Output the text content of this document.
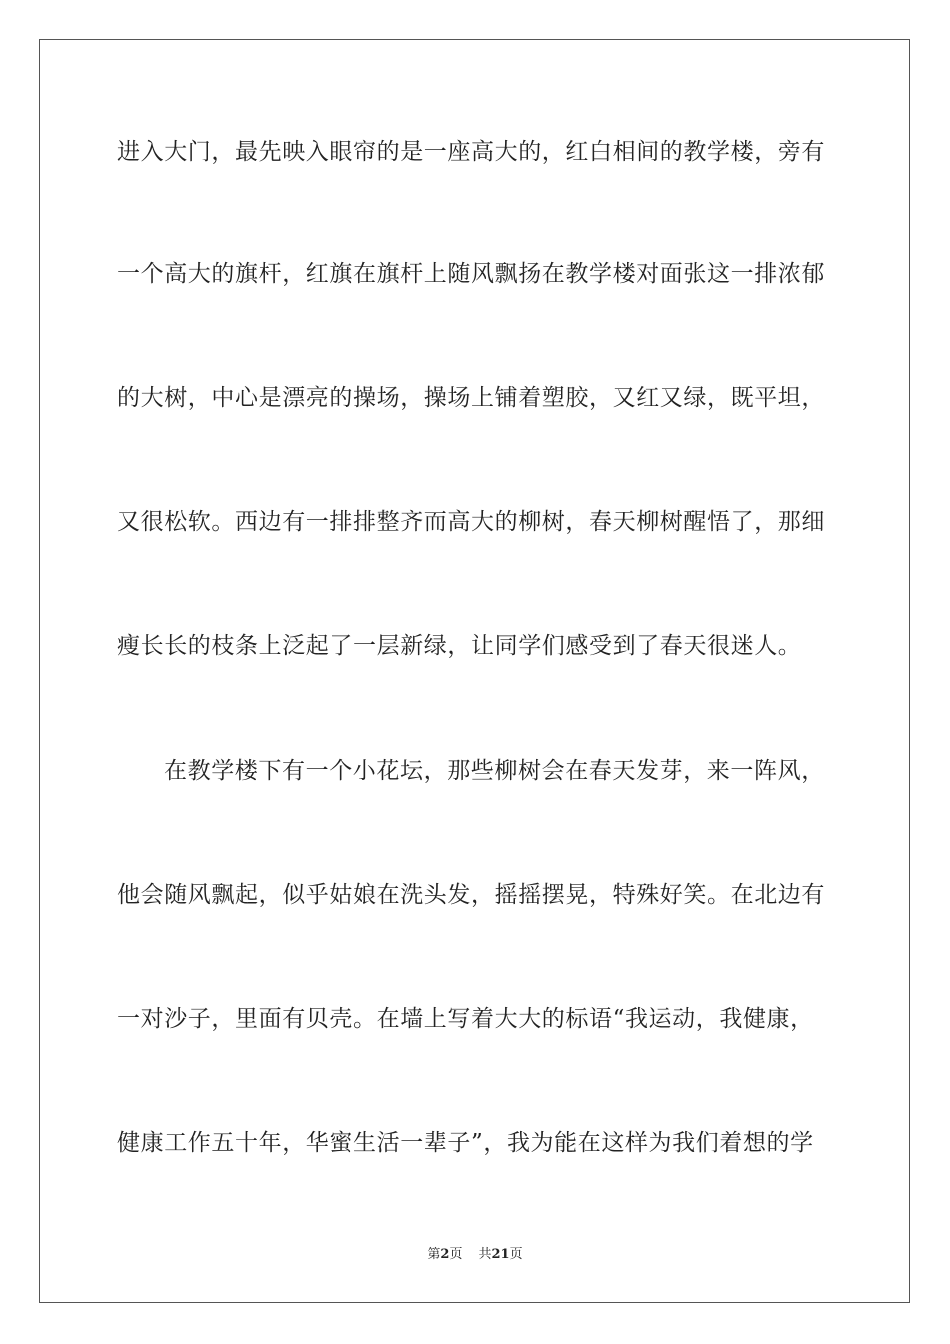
进入大门，最先映入眼帘的是一座高大的，红白相间的教学楼，旁有
一个高大的旗杆，红旗在旗杆上随风飘扬在教学楼对面张这一排浓郁
的大树，中心是漂亮的操场，操场上铺着塑胶，又红又绿，既平坦，
又很松软。西边有一排排整齐而高大的柳树，春天柳树醒悟了，那细
瘦长长的枝条上泛起了一层新绿，让同学们感受到了春天很迷人。
在教学楼下有一个小花坛，那些柳树会在春天发芽，来一阵风，
他会随风飘起，似乎姑娘在洗头发，摇摇摆晃，特殊好笑。在北边有
一对沙子，里面有贝壳。在墙上写着大大的标语“我运动，我健康，
健康工作五十年，华蜜生活一辈子”，我为能在这样为我们着想的学
第2页 共21页
